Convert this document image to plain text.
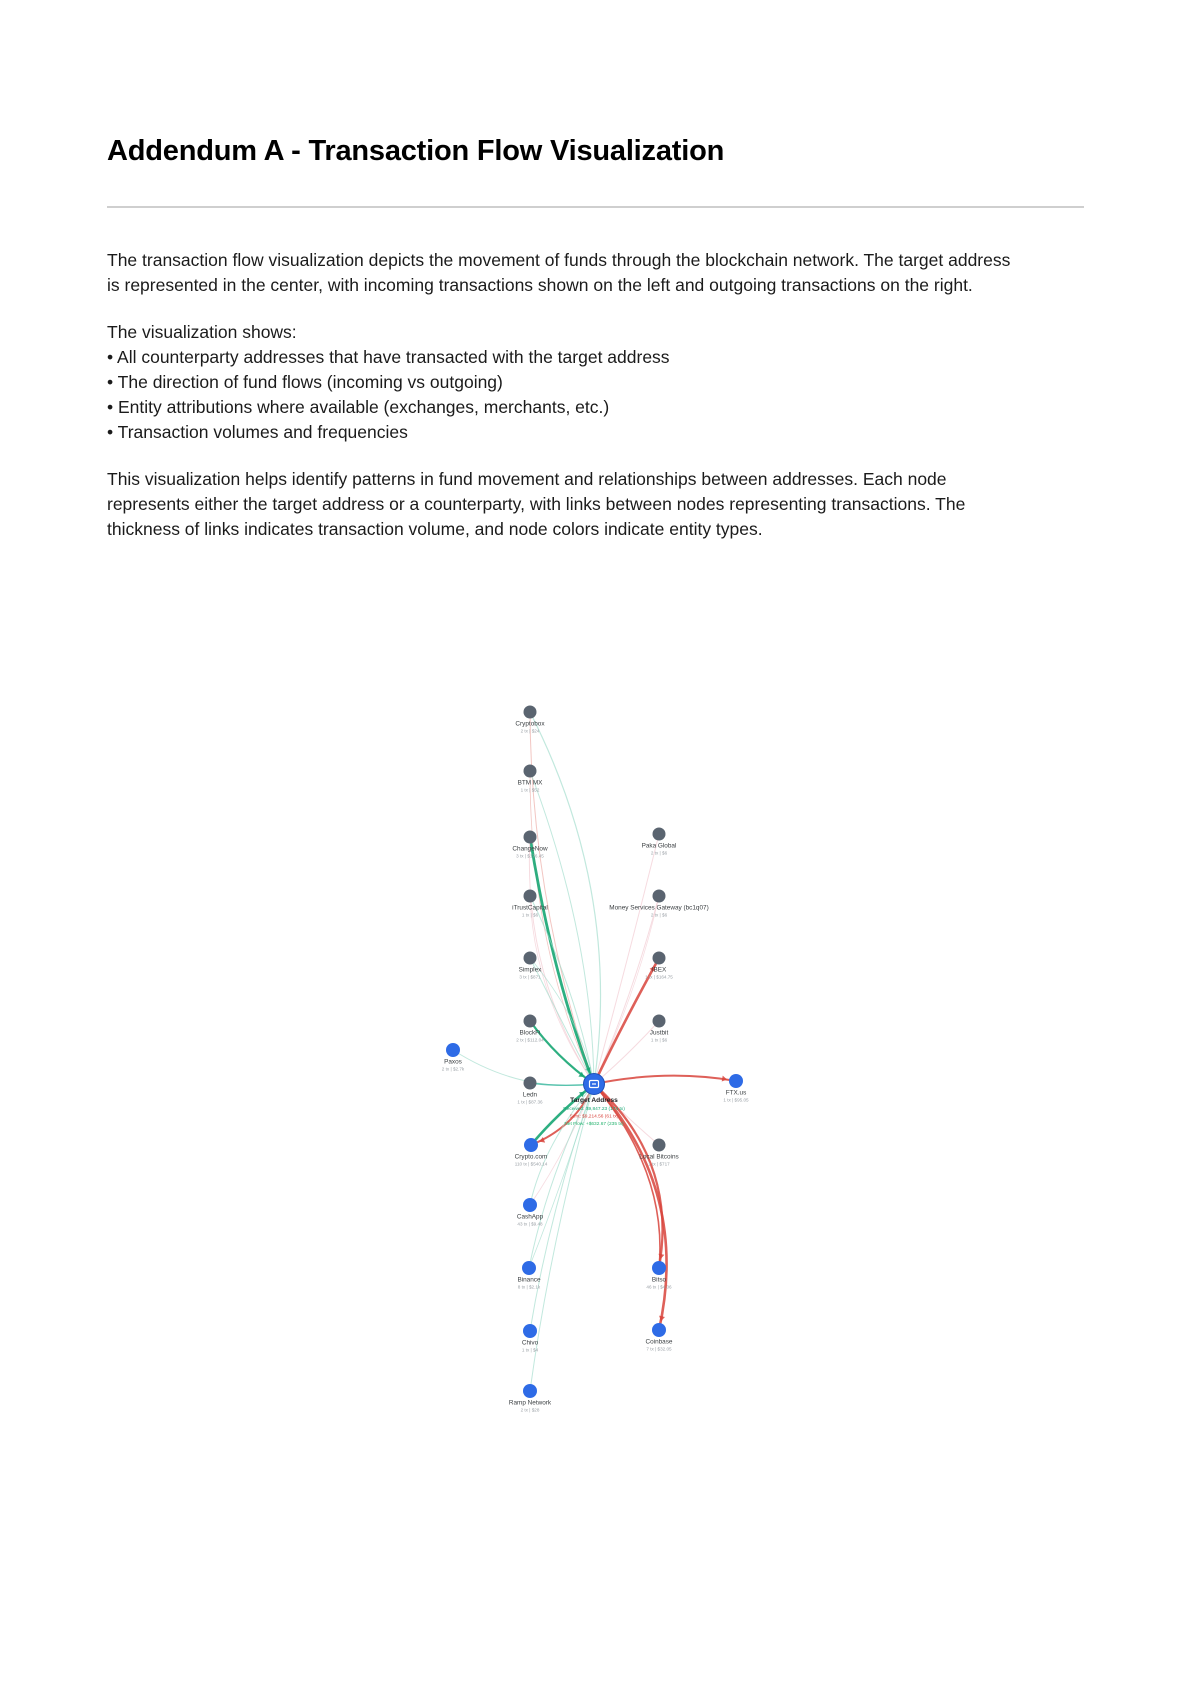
Addendum A - Transaction Flow Visualization

The transaction flow visualization depicts the movement of funds through the blockchain network. The target address is represented in the center, with incoming transactions shown on the left and outgoing transactions on the right.

The visualization shows:
• All counterparty addresses that have transacted with the target address
• The direction of fund flows (incoming vs outgoing)
• Entity attributions where available (exchanges, merchants, etc.)
• Transaction volumes and frequencies

This visualization helps identify patterns in fund movement and relationships between addresses. Each node represents either the target address or a counterparty, with links between nodes representing transactions. The thickness of links indicates transaction volume, and node colors indicate entity types.

Cryptobox
2 tx | $24
BTM MX
1 tx | $52
ChangeNow
3 tx | $176.45
iTrustCapital
1 tx | $6
Simplex
3 tx | $871
BlockFi
2 tx | $112.04
Paxos
2 tx | $2.7k
Ledn
1 tx | $87.36
Crypto.com
110 tx | $540.14
CashApp
43 tx | $9.48
Binance
8 tx | $2.1k
Chivo
1 tx | $4
Ramp Network
2 tx | $28
Paka Global
2 tx | $6
Money Services Gateway (bc1q07)
2 tx | $6
IBEX
1 tx | $164.75
Justbit
1 tx | $6
Local Bitcoins
1 tx | $717
Bitso
46 tx | $4.06
Coinbase
7 tx | $32.05
FTX.us
1 tx | $95.05
Target Address
Received: $9,847.23 (174 tx)
Sent: $9,214.56 (61 tx)
Net Flow: +$632.67 (235 tx)
